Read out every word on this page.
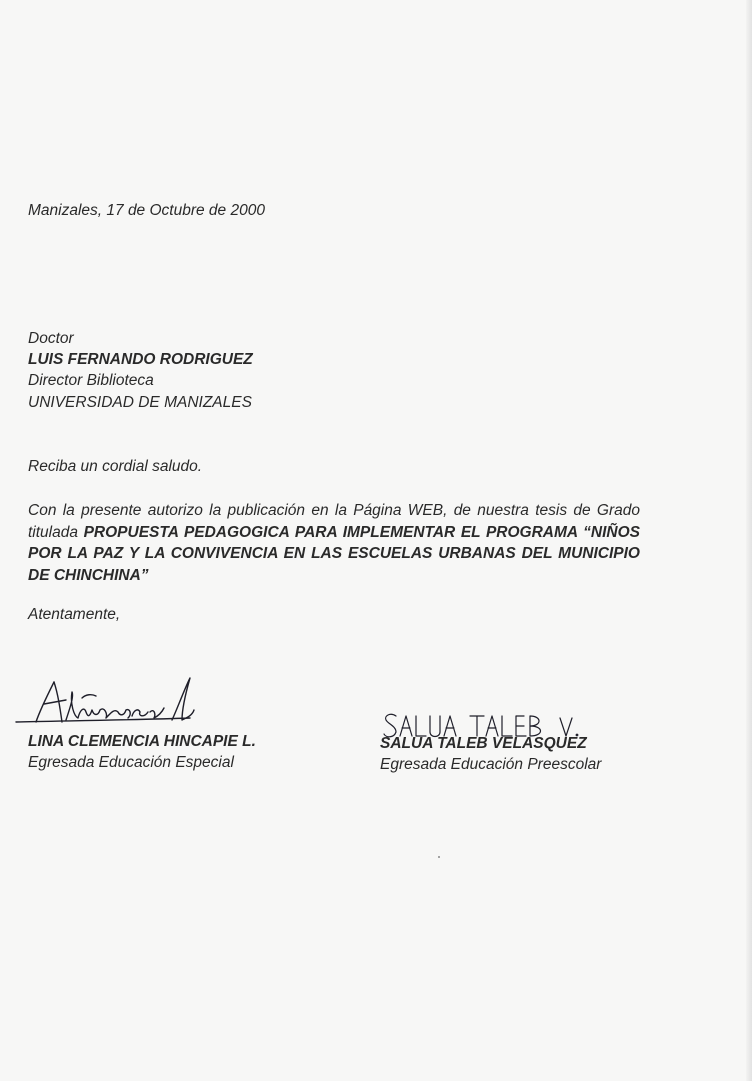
Manizales, 17 de Octubre de 2000

Doctor

LUIS FERNANDO RODRIGUEZ

Director Biblioteca

UNIVERSIDAD DE MANIZALES

Reciba un cordial saludo.

Con la presente autorizo la publicación en la Página WEB, de nuestra tesis de Grado titulada PROPUESTA PEDAGOGICA PARA IMPLEMENTAR EL PROGRAMA “NIÑOS POR LA PAZ Y LA CONVIVENCIA EN LAS ESCUELAS URBANAS DEL MUNICIPIO DE CHINCHINA”

Atentamente,

LINA CLEMENCIA HINCAPIE L.

Egresada Educación Especial

SALUA TALEB VELASQUEZ

Egresada Educación Preescolar
